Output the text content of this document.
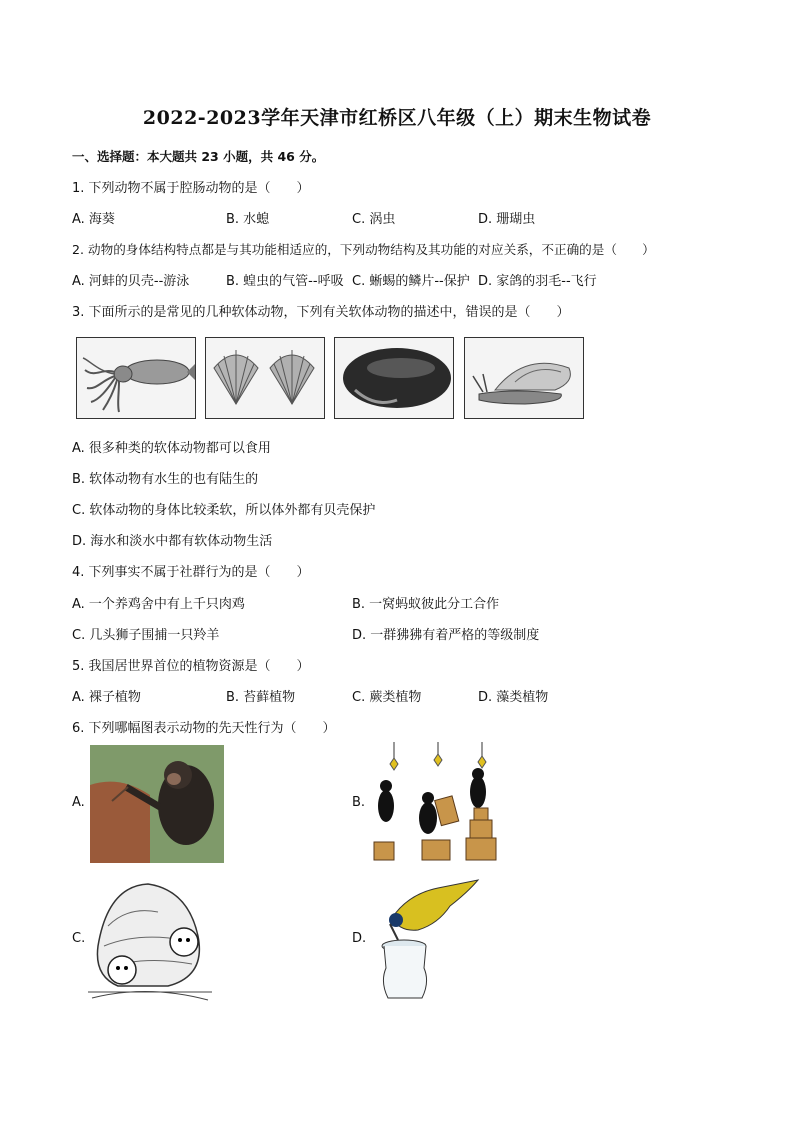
2022-2023学年天津市红桥区八年级（上）期末生物试卷
一、选择题：本大题共 23 小题，共 46 分。
1. 下列动物不属于腔肠动物的是（　　）
A. 海葵	B. 水螅	C. 涡虫	D. 珊瑚虫
2. 动物的身体结构特点都是与其功能相适应的，下列动物结构及其功能的对应关系，不正确的是（　　）
A. 河蚌的贝壳--游泳	B. 蝗虫的气管--呼吸 C. 蜥蜴的鳞片--保护 D. 家鸽的羽毛--飞行
3. 下面所示的是常见的几种软体动物，下列有关软体动物的描述中，错误的是（　　）
A. 很多种类的软体动物都可以食用
B. 软体动物有水生的也有陆生的
C. 软体动物的身体比较柔软，所以体外都有贝壳保护
D. 海水和淡水中都有软体动物生活
4. 下列事实不属于社群行为的是（　　）
A. 一个养鸡舍中有上千只肉鸡	B. 一窝蚂蚁彼此分工合作
C. 几头狮子围捕一只羚羊	D. 一群狒狒有着严格的等级制度
5. 我国居世界首位的植物资源是（　　）
A. 裸子植物	B. 苔藓植物	C. 蕨类植物	D. 藻类植物
6. 下列哪幅图表示动物的先天性行为（　　）
A.	B.
C.	D.
